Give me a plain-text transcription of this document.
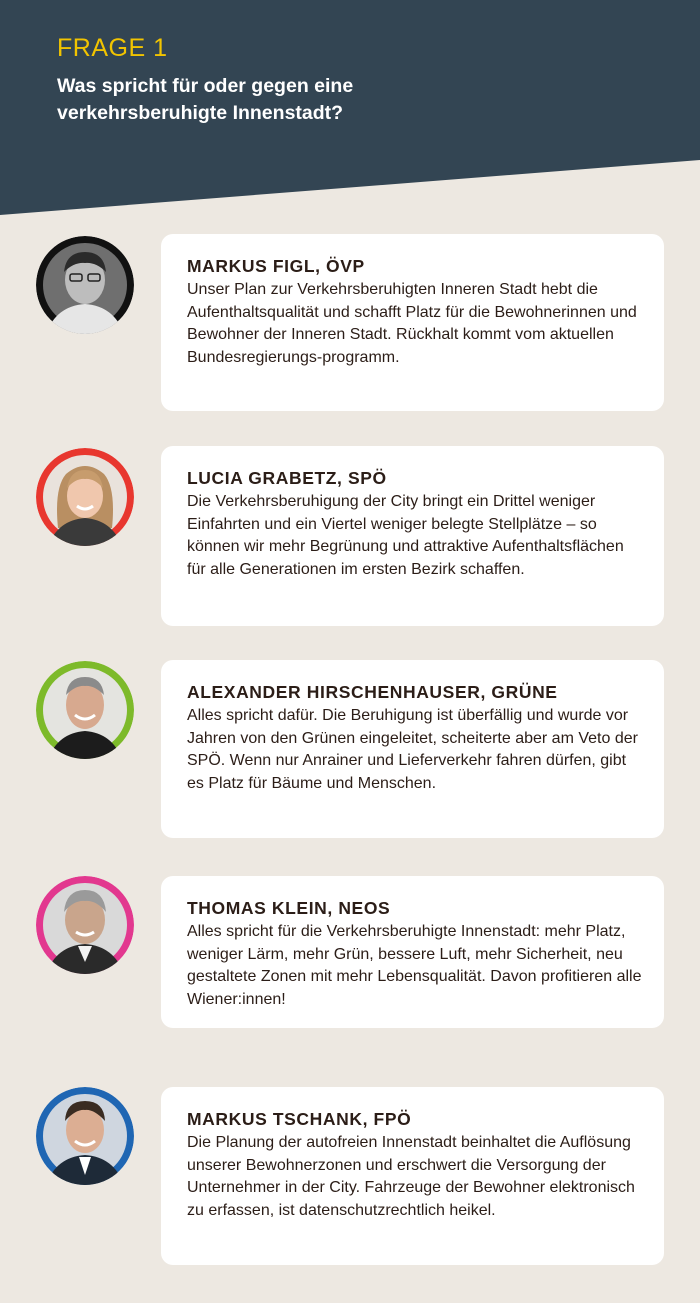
FRAGE 1
Was spricht für oder gegen eine verkehrsberuhigte Innenstadt?
MARKUS FIGL, ÖVP
Unser Plan zur Verkehrsberuhigten Inneren Stadt hebt die Aufenthaltsqualität und schafft Platz für die Bewohnerinnen und Bewohner der Inneren Stadt. Rückhalt kommt vom aktuellen Bundesregierungs-programm.
LUCIA GRABETZ, SPÖ
Die Verkehrsberuhigung der City bringt ein Drittel weniger Einfahrten und ein Viertel weniger belegte Stellplätze – so können wir mehr Begrünung und attraktive Aufenthaltsflächen für alle Generationen im ersten Bezirk schaffen.
ALEXANDER HIRSCHENHAUSER, GRÜNE
Alles spricht dafür. Die Beruhigung ist überfällig und wurde vor Jahren von den Grünen eingeleitet, scheiterte aber am Veto der SPÖ. Wenn nur Anrainer und Lieferverkehr fahren dürfen, gibt es Platz für Bäume und Menschen.
THOMAS KLEIN, NEOS
Alles spricht für die Verkehrsberuhigte Innenstadt: mehr Platz, weniger Lärm, mehr Grün, bessere Luft, mehr Sicherheit, neu gestaltete Zonen mit mehr Lebensqualität. Davon profitieren alle Wiener:innen!
MARKUS TSCHANK, FPÖ
Die Planung der autofreien Innenstadt beinhaltet die Auflösung unserer Bewohnerzonen und erschwert die Versorgung der Unternehmer in der City. Fahrzeuge der Bewohner elektronisch zu erfassen, ist datenschutzrechtlich heikel.
